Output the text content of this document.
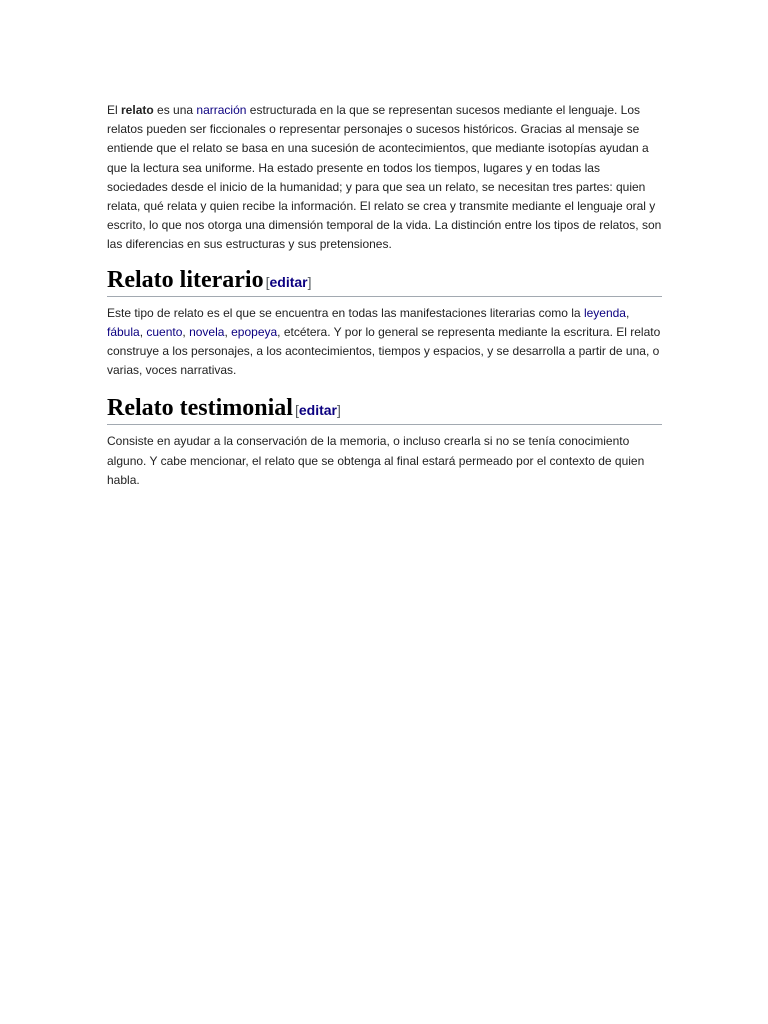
El relato es una narración estructurada en la que se representan sucesos mediante el lenguaje. Los relatos pueden ser ficcionales o representar personajes o sucesos históricos. Gracias al mensaje se entiende que el relato se basa en una sucesión de acontecimientos, que mediante isotopías ayudan a que la lectura sea uniforme. Ha estado presente en todos los tiempos, lugares y en todas las sociedades desde el inicio de la humanidad; y para que sea un relato, se necesitan tres partes: quien relata, qué relata y quien recibe la información. El relato se crea y transmite mediante el lenguaje oral y escrito, lo que nos otorga una dimensión temporal de la vida. La distinción entre los tipos de relatos, son las diferencias en sus estructuras y sus pretensiones.

Relato literario [editar]

Este tipo de relato es el que se encuentra en todas las manifestaciones literarias como la leyenda, fábula, cuento, novela, epopeya, etcétera. Y por lo general se representa mediante la escritura. El relato construye a los personajes, a los acontecimientos, tiempos y espacios, y se desarrolla a partir de una, o varias, voces narrativas.

Relato testimonial [editar]

Consiste en ayudar a la conservación de la memoria, o incluso crearla si no se tenía conocimiento alguno. Y cabe mencionar, el relato que se obtenga al final estará permeado por el contexto de quien habla.
